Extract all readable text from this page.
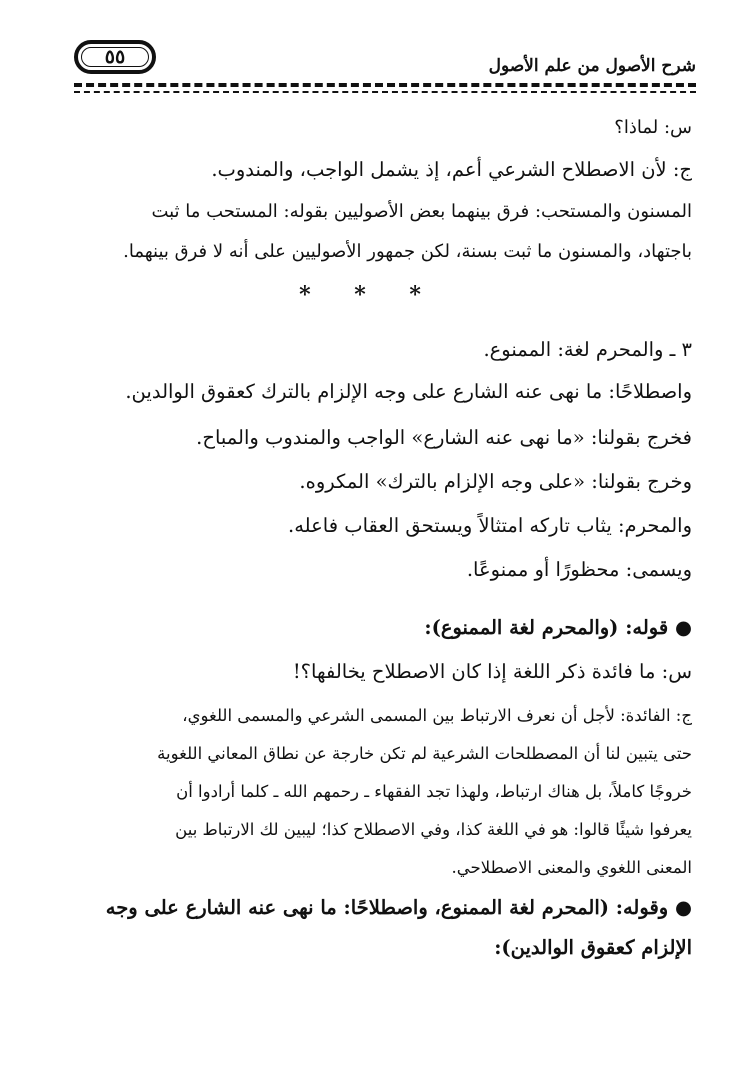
٥٥	شرح الأصول من علم الأصول
س: لماذا؟
ج: لأن الاصطلاح الشرعي أعم، إذ يشمل الواجب، والمندوب.
المسنون والمستحب: فرق بينهما بعض الأصوليين بقوله: المستحب ما ثبت
باجتهاد، والمسنون ما ثبت بسنة، لكن جمهور الأصوليين على أنه لا فرق بينهما.
* * *
٣ ـ والمحرم لغة: الممنوع.
واصطلاحًا: ما نهى عنه الشارع على وجه الإلزام بالترك كعقوق الوالدين.
فخرج بقولنا: «ما نهى عنه الشارع» الواجب والمندوب والمباح.
وخرج بقولنا: «على وجه الإلزام بالترك» المكروه.
والمحرم: يثاب تاركه امتثالاً ويستحق العقاب فاعله.
ويسمى: محظورًا أو ممنوعًا.
● قوله: (والمحرم لغة الممنوع):
س: ما فائدة ذكر اللغة إذا كان الاصطلاح يخالفها؟!
ج: الفائدة: لأجل أن نعرف الارتباط بين المسمى الشرعي والمسمى اللغوي،
حتى يتبين لنا أن المصطلحات الشرعية لم تكن خارجة عن نطاق المعاني اللغوية
خروجًا كاملاً، بل هناك ارتباط، ولهذا تجد الفقهاء ـ رحمهم الله ـ كلما أرادوا أن
يعرفوا شيئًا قالوا: هو في اللغة كذا، وفي الاصطلاح كذا؛ ليبين لك الارتباط بين
المعنى اللغوي والمعنى الاصطلاحي.
● وقوله: (المحرم لغة الممنوع، واصطلاحًا: ما نهى عنه الشارع على وجه
الإلزام كعقوق الوالدين):
